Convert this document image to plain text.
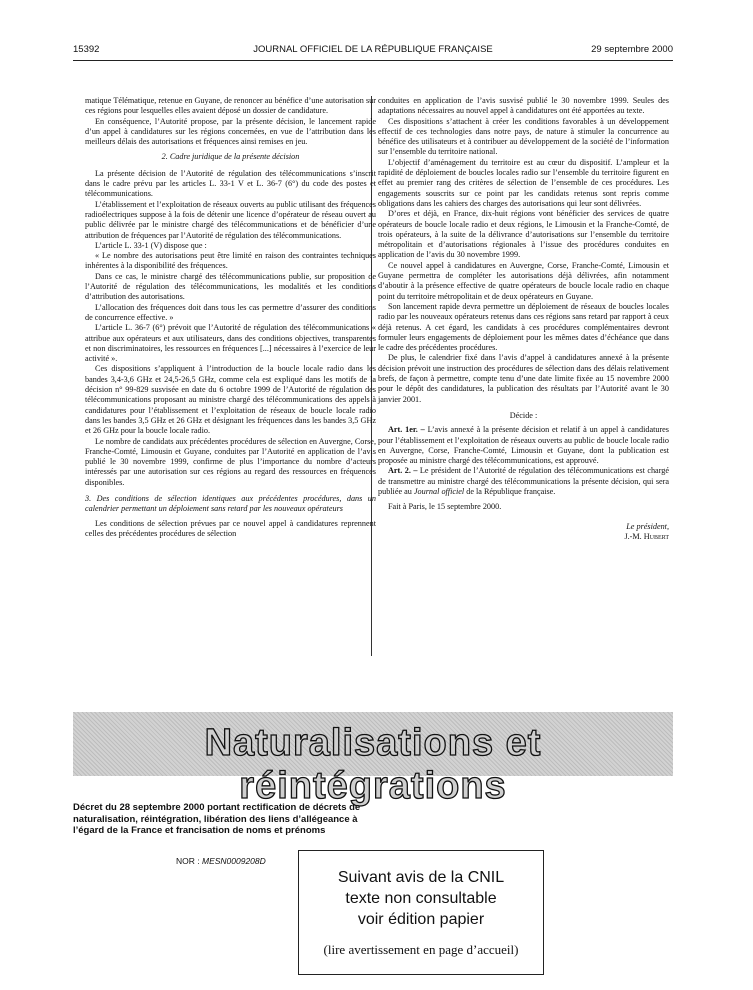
15392	JOURNAL OFFICIEL DE LA RÉPUBLIQUE FRANÇAISE	29 septembre 2000

matique Télématique, retenue en Guyane, de renoncer au bénéfice d’une autorisation sur ces régions pour lesquelles elles avaient déposé un dossier de candidature.

En conséquence, l’Autorité propose, par la présente décision, le lancement rapide d’un appel à candidatures sur les régions concernées, en vue de l’attribution dans les meilleurs délais des autorisations et fréquences ainsi remises en jeu.

2. Cadre juridique de la présente décision

La présente décision de l’Autorité de régulation des télécommunications s’inscrit dans le cadre prévu par les articles L. 33-1 V et L. 36-7 (6°) du code des postes et télécommunications.

L’établissement et l’exploitation de réseaux ouverts au public utilisant des fréquences radioélectriques suppose à la fois de détenir une licence d’opérateur de réseau ouvert au public délivrée par le ministre chargé des télécommunications et de bénéficier d’une attribution de fréquences par l’Autorité de régulation des télécommunications.

L’article L. 33-1 (V) dispose que :

« Le nombre des autorisations peut être limité en raison des contraintes techniques inhérentes à la disponibilité des fréquences.

Dans ce cas, le ministre chargé des télécommunications publie, sur proposition de l’Autorité de régulation des télécommunications, les modalités et les conditions d’attribution des autorisations.

L’allocation des fréquences doit dans tous les cas permettre d’assurer des conditions de concurrence effective. »

L’article L. 36-7 (6°) prévoit que l’Autorité de régulation des télécommunications « attribue aux opérateurs et aux utilisateurs, dans des conditions objectives, transparentes et non discriminatoires, les ressources en fréquences [...] nécessaires à l’exercice de leur activité ».

Ces dispositions s’appliquent à l’introduction de la boucle locale radio dans les bandes 3,4-3,6 GHz et 24,5-26,5 GHz, comme cela est expliqué dans les motifs de la décision n° 99-829 susvisée en date du 6 octobre 1999 de l’Autorité de régulation des télécommunications proposant au ministre chargé des télécommunications des appels à candidatures pour l’établissement et l’exploitation de réseaux de boucle locale radio dans les bandes 3,5 GHz et 26 GHz et désignant les fréquences dans les bandes 3,5 GHz et 26 GHz pour la boucle locale radio.

Le nombre de candidats aux précédentes procédures de sélection en Auvergne, Corse, Franche-Comté, Limousin et Guyane, conduites par l’Autorité en application de l’avis publié le 30 novembre 1999, confirme de plus l’importance du nombre d’acteurs intéressés par une autorisation sur ces régions au regard des ressources en fréquences disponibles.

3. Des conditions de sélection identiques aux précédentes procédures, dans un calendrier permettant un déploiement sans retard par les nouveaux opérateurs

Les conditions de sélection prévues par ce nouvel appel à candidatures reprennent celles des précédentes procédures de sélection

conduites en application de l’avis susvisé publié le 30 novembre 1999. Seules des adaptations nécessaires au nouvel appel à candidatures ont été apportées au texte.

Ces dispositions s’attachent à créer les conditions favorables à un développement effectif de ces technologies dans notre pays, de nature à stimuler la concurrence au bénéfice des utilisateurs et à contribuer au développement de la société de l’information sur l’ensemble du territoire national.

L’objectif d’aménagement du territoire est au cœur du dispositif. L’ampleur et la rapidité de déploiement de boucles locales radio sur l’ensemble du territoire figurent en effet au premier rang des critères de sélection de l’ensemble de ces procédures. Les engagements souscrits sur ce point par les candidats retenus sont repris comme obligations dans les cahiers des charges des autorisations qui leur sont délivrées.

D’ores et déjà, en France, dix-huit régions vont bénéficier des services de quatre opérateurs de boucle locale radio et deux régions, le Limousin et la Franche-Comté, de trois opérateurs, à la suite de la délivrance d’autorisations sur l’ensemble du territoire métropolitain et d’autorisations régionales à l’issue des procédures conduites en application de l’avis du 30 novembre 1999.

Ce nouvel appel à candidatures en Auvergne, Corse, Franche-Comté, Limousin et Guyane permettra de compléter les autorisations déjà délivrées, afin notamment d’aboutir à la présence effective de quatre opérateurs de boucle locale radio en chaque point du territoire métropolitain et de deux opérateurs en Guyane.

Son lancement rapide devra permettre un déploiement de réseaux de boucles locales radio par les nouveaux opérateurs retenus dans ces régions sans retard par rapport à ceux déjà retenus. A cet égard, les candidats à ces procédures complémentaires devront formuler leurs engagements de déploiement pour les mêmes dates d’échéance que dans le cadre des précédentes procédures.

De plus, le calendrier fixé dans l’avis d’appel à candidatures annexé à la présente décision prévoit une instruction des procédures de sélection dans des délais relativement brefs, de façon à permettre, compte tenu d’une date limite fixée au 15 novembre 2000 pour le dépôt des candidatures, la publication des résultats par l’Autorité avant le 30 janvier 2001.

Décide :

Art. 1er. – L’avis annexé à la présente décision et relatif à un appel à candidatures pour l’établissement et l’exploitation de réseaux ouverts au public de boucle locale radio en Auvergne, Corse, Franche-Comté, Limousin et Guyane, dont la publication est proposée au ministre chargé des télécommunications, est approuvé.

Art. 2. – Le président de l’Autorité de régulation des télécommunications est chargé de transmettre au ministre chargé des télécommunications la présente décision, qui sera publiée au Journal officiel de la République française.

Fait à Paris, le 15 septembre 2000.

Le président,

J.-M. Hubert

Naturalisations et réintégrations
Décret du 28 septembre 2000 portant rectification de décrets de naturalisation, réintégration, libération des liens d’allégeance à l’égard de la France et francisation de noms et prénoms
NOR : MESN0009208D
Suivant avis de la CNIL
texte non consultable
voir édition papier
(lire avertissement en page d’accueil)
